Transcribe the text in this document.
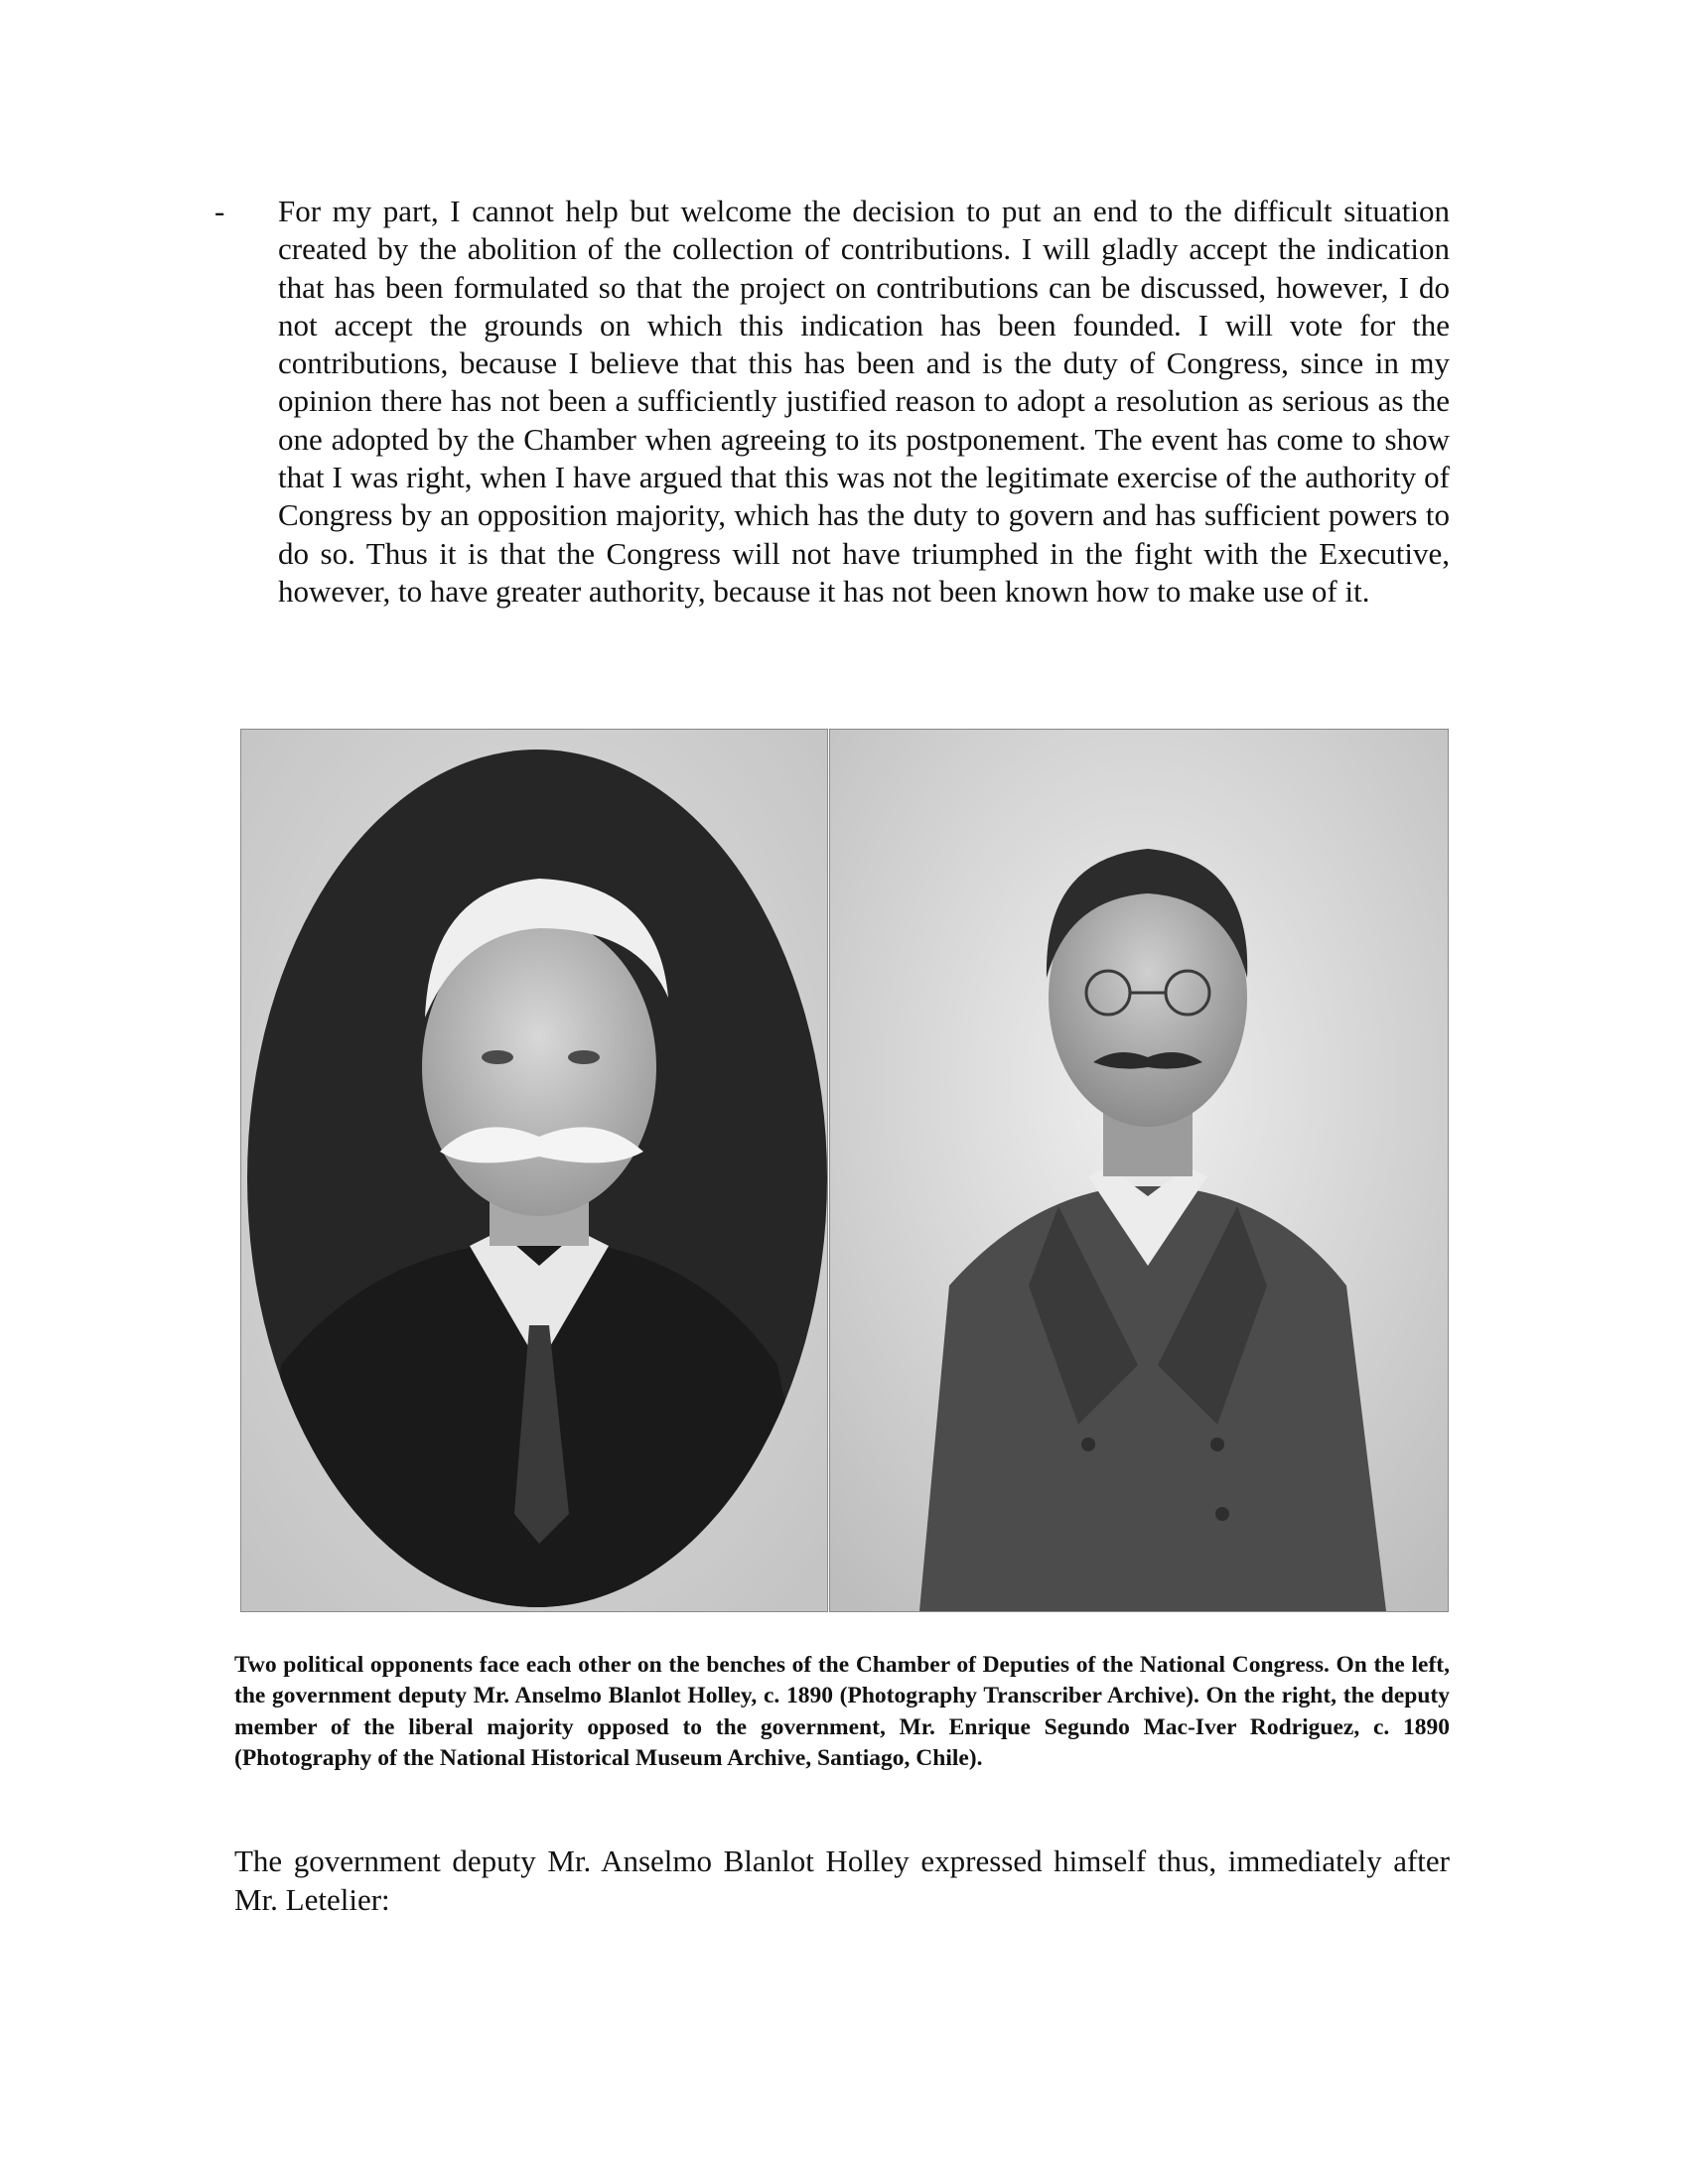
- For my part, I cannot help but welcome the decision to put an end to the difficult situation created by the abolition of the collection of contributions. I will gladly accept the indication that has been formulated so that the project on contributions can be discussed, however, I do not accept the grounds on which this indication has been founded. I will vote for the contributions, because I believe that this has been and is the duty of Congress, since in my opinion there has not been a sufficiently justified reason to adopt a resolution as serious as the one adopted by the Chamber when agreeing to its postponement. The event has come to show that I was right, when I have argued that this was not the legitimate exercise of the authority of Congress by an opposition majority, which has the duty to govern and has sufficient powers to do so. Thus it is that the Congress will not have triumphed in the fight with the Executive, however, to have greater authority, because it has not been known how to make use of it.

Two political opponents face each other on the benches of the Chamber of Deputies of the National Congress. On the left, the government deputy Mr. Anselmo Blanlot Holley, c. 1890 (Photography Transcriber Archive). On the right, the deputy member of the liberal majority opposed to the government, Mr. Enrique Segundo Mac-Iver Rodriguez, c. 1890 (Photography of the National Historical Museum Archive, Santiago, Chile).

The government deputy Mr. Anselmo Blanlot Holley expressed himself thus, immediately after Mr. Letelier:
